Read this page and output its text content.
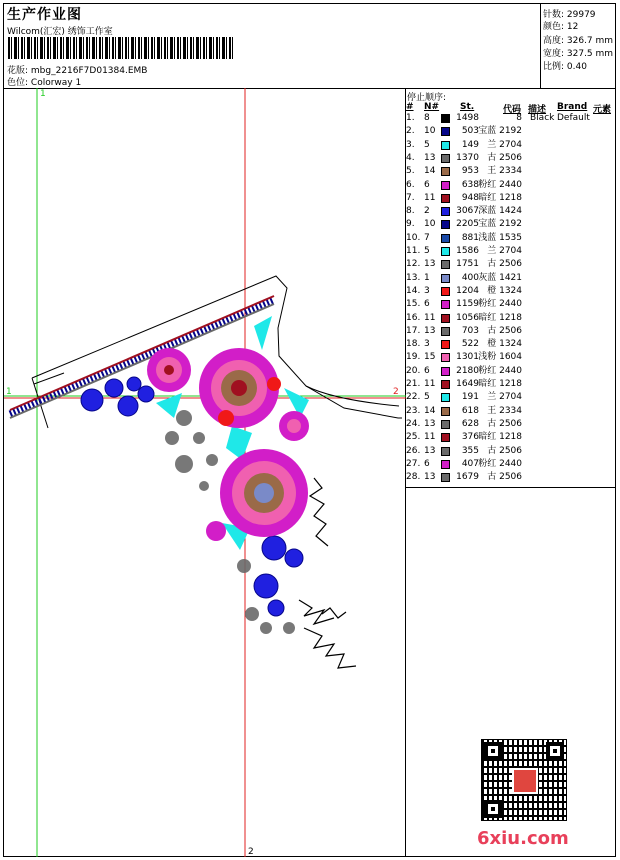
生产作业图
Wilcom(汇宏) 绣饰工作室
花版: mbg_2216F7D01384.EMB
色位: Colorway 1
针数: 29979
颜色: 12
高度: 326.7 mm
宽度: 327.5 mm
比例: 0.40
1	2
1
2
停止顺序:
# N# St.	代码 描述 Brand 元素
1. 8	1498	8 Black Default
2. 10	503 宝蓝 2192
3. 5	149 兰 2704
4. 13 1370 古 2506
5. 14	953 王 2334
6. 6	638 粉红 2440
7. 11	948 暗红 1218
8. 2	3067 深蓝 1424
9. 10 2205 宝蓝 2192
10. 7	881 浅蓝 1535
11. 5	1586 兰 2704
12. 13 1751 古 2506
13. 1	400 灰蓝 1421
14. 3	1204 橙 1324
15. 6	1159 粉红 2440
16. 11 1056 暗红 1218
17. 13	703 古 2506
18. 3	522 橙 1324
19. 15 1301 浅粉 1604
20. 6	2180 粉红 2440
21. 11 1649 暗红 1218
22. 5	191 兰 2704
23. 14	618 王 2334
24. 13	628 古 2506
25. 11	376 暗红 1218
26. 13	355 古 2506
27. 6	407 粉红 2440
28. 13 1679 古 2506
6xiu.com
